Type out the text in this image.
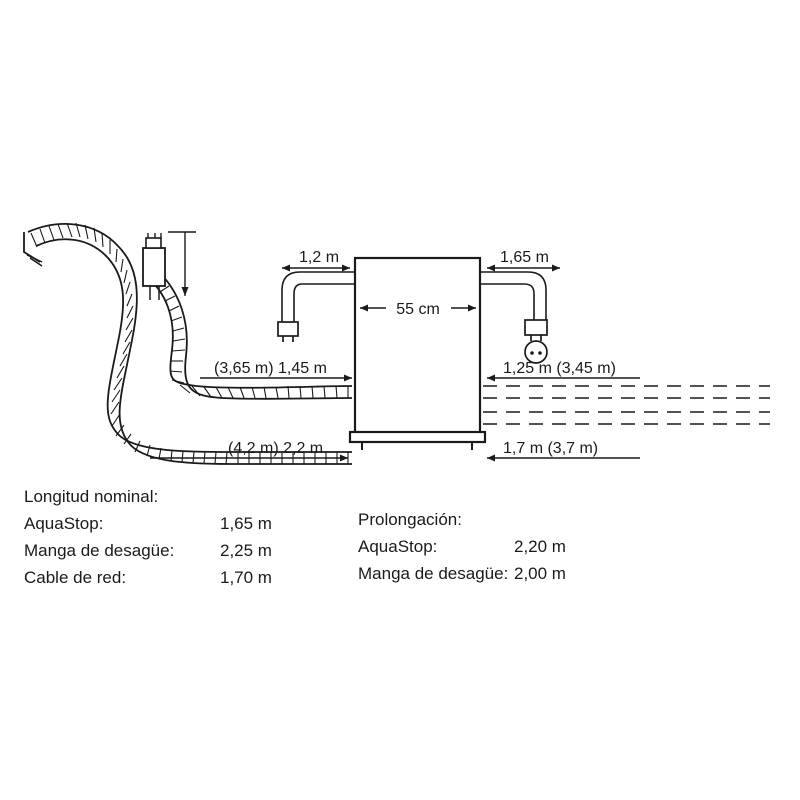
55 cm
1,2 m	1,65 m
(3,65 m) 1,45 m
(4,2 m) 2,2 m
1,25 m (3,45 m)
1,7 m (3,7 m)
Longitud nominal:
AquaStop:	1,65 m
Manga de desagüe:	2,25 m
Cable de red:	1,70 m
Prolongación:
AquaStop:	2,20 m
Manga de desagüe: 2,00 m
